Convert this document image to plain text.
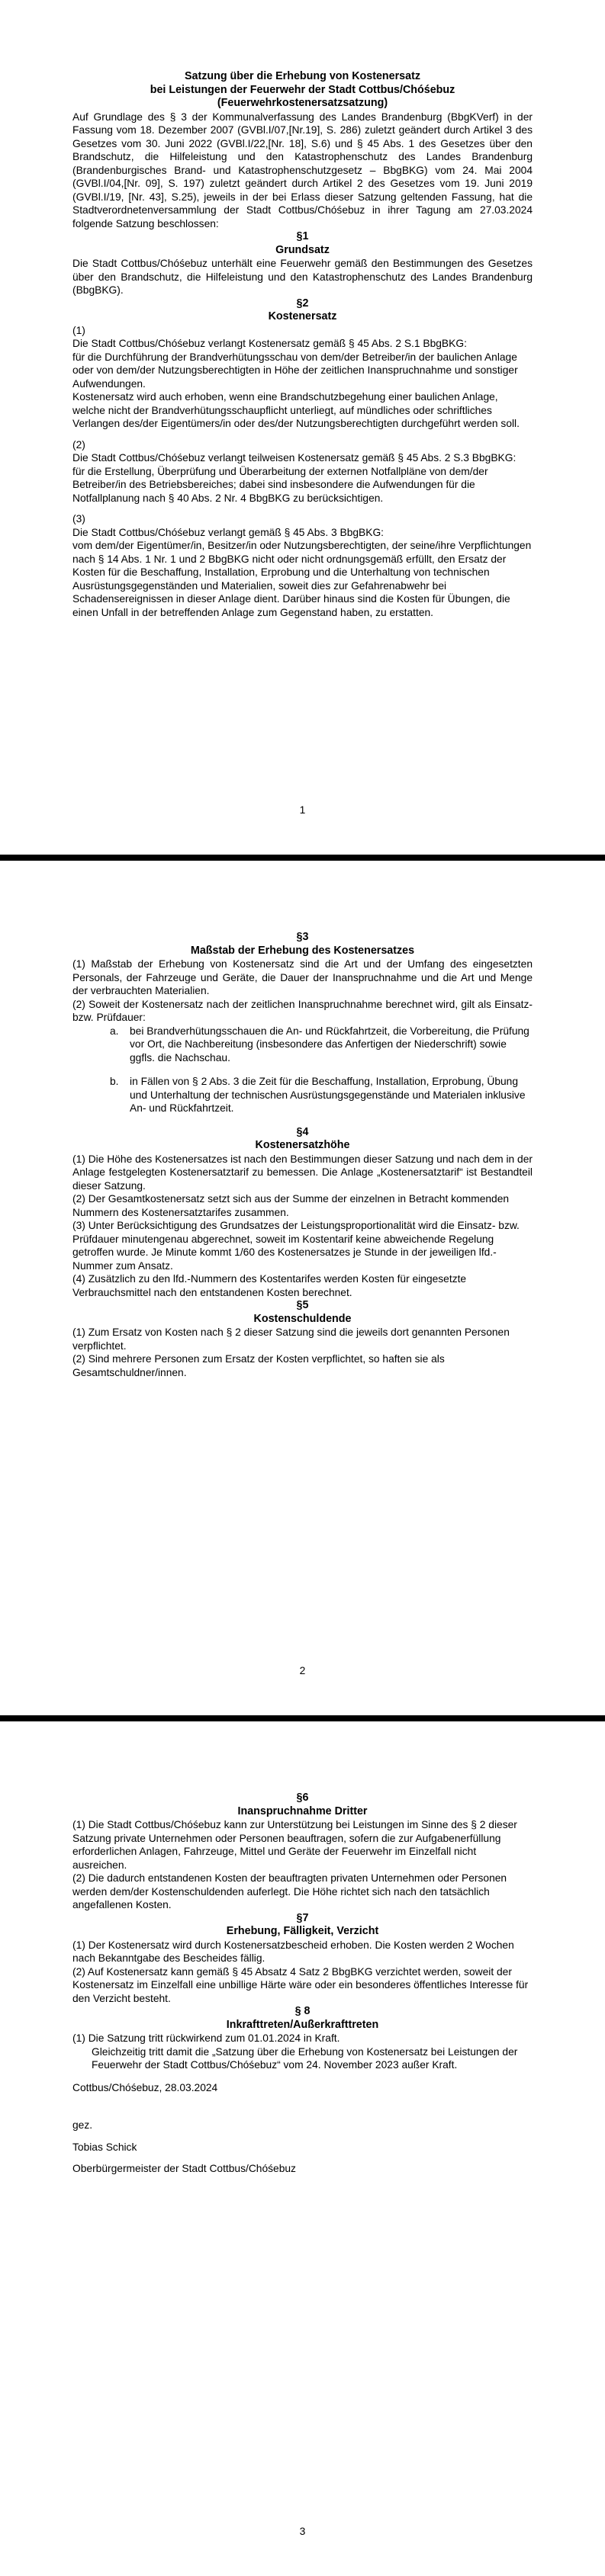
Satzung über die Erhebung von Kostenersatz

bei Leistungen der Feuerwehr der Stadt Cottbus/Chóśebuz

(Feuerwehrkostenersatzsatzung)

Auf Grundlage des § 3 der Kommunalverfassung des Landes Brandenburg (BbgKVerf) in der Fassung vom 18. Dezember 2007 (GVBl.I/07,[Nr.19], S. 286) zuletzt geändert durch Artikel 3 des Gesetzes vom 30. Juni 2022 (GVBl.I/22,[Nr. 18], S.6) und § 45 Abs. 1 des Gesetzes über den Brandschutz, die Hilfeleistung und den Katastrophenschutz des Landes Brandenburg (Brandenburgisches Brand- und Katastrophenschutzgesetz – BbgBKG) vom 24. Mai 2004 (GVBl.I/04,[Nr. 09], S. 197) zuletzt geändert durch Artikel 2 des Gesetzes vom 19. Juni 2019 (GVBl.I/19, [Nr. 43], S.25), jeweils in der bei Erlass dieser Satzung geltenden Fassung, hat die Stadtverordnetenversammlung der Stadt Cottbus/Chóśebuz in ihrer Tagung am 27.03.2024 folgende Satzung beschlossen:

§1

Grundsatz

Die Stadt Cottbus/Chóśebuz unterhält eine Feuerwehr gemäß den Bestimmungen des Gesetzes über den Brandschutz, die Hilfeleistung und den Katastrophenschutz des Landes Brandenburg (BbgBKG).

§2

Kostenersatz

(1)

Die Stadt Cottbus/Chóśebuz verlangt Kostenersatz gemäß § 45 Abs. 2 S.1 BbgBKG:

für die Durchführung der Brandverhütungsschau von dem/der Betreiber/in der baulichen Anlage oder von dem/der Nutzungsberechtigten in Höhe der zeitlichen Inanspruchnahme und sonstiger Aufwendungen.

Kostenersatz wird auch erhoben, wenn eine Brandschutzbegehung einer baulichen Anlage, welche nicht der Brandverhütungsschaupflicht unterliegt, auf mündliches oder schriftliches Verlangen des/der Eigentümers/in oder des/der Nutzungsberechtigten durchgeführt werden soll.

(2)

Die Stadt Cottbus/Chóśebuz verlangt teilweisen Kostenersatz gemäß § 45 Abs. 2 S.3 BbgBKG:

für die Erstellung, Überprüfung und Überarbeitung der externen Notfallpläne von dem/der Betreiber/in des Betriebsbereiches; dabei sind insbesondere die Aufwendungen für die Notfallplanung nach § 40 Abs. 2 Nr. 4 BbgBKG zu berücksichtigen.

(3)

Die Stadt Cottbus/Chóśebuz verlangt gemäß § 45 Abs. 3 BbgBKG:

vom dem/der Eigentümer/in, Besitzer/in oder Nutzungsberechtigten, der seine/ihre Verpflichtungen nach § 14 Abs. 1 Nr. 1 und 2 BbgBKG nicht oder nicht ordnungsgemäß erfüllt, den Ersatz der Kosten für die Beschaffung, Installation, Erprobung und die Unterhaltung von technischen Ausrüstungsgegenständen und Materialien, soweit dies zur Gefahrenabwehr bei Schadensereignissen in dieser Anlage dient. Darüber hinaus sind die Kosten für Übungen, die einen Unfall in der betreffenden Anlage zum Gegenstand haben, zu erstatten.

1

§3

Maßstab der Erhebung des Kostenersatzes

(1) Maßstab der Erhebung von Kostenersatz sind die Art und der Umfang des eingesetzten Personals, der Fahrzeuge und Geräte, die Dauer der Inanspruchnahme und die Art und Menge der verbrauchten Materialien.

(2) Soweit der Kostenersatz nach der zeitlichen Inanspruchnahme berechnet wird, gilt als Einsatz- bzw. Prüfdauer:

a.	bei Brandverhütungsschauen die An- und Rückfahrtzeit, die Vorbereitung, die Prüfung vor Ort, die Nachbereitung (insbesondere das Anfertigen der Niederschrift) sowie ggfls. die Nachschau.
b.	in Fällen von § 2 Abs. 3 die Zeit für die Beschaffung, Installation, Erprobung, Übung und Unterhaltung der technischen Ausrüstungsgegenstände und Materialen inklusive An- und Rückfahrtzeit.

§4

Kostenersatzhöhe

(1) Die Höhe des Kostenersatzes ist nach den Bestimmungen dieser Satzung und nach dem in der Anlage festgelegten Kostenersatztarif zu bemessen. Die Anlage „Kostenersatztarif“ ist Bestandteil dieser Satzung.

(2) Der Gesamtkostenersatz setzt sich aus der Summe der einzelnen in Betracht kommenden Nummern des Kostenersatztarifes zusammen.

(3) Unter Berücksichtigung des Grundsatzes der Leistungsproportionalität wird die Einsatz- bzw. Prüfdauer minutengenau abgerechnet, soweit im Kostentarif keine abweichende Regelung getroffen wurde. Je Minute kommt 1/60 des Kostenersatzes je Stunde in der jeweiligen lfd.-Nummer zum Ansatz.

(4) Zusätzlich zu den lfd.-Nummern des Kostentarifes werden Kosten für eingesetzte Verbrauchsmittel nach den entstandenen Kosten berechnet.

§5

Kostenschuldende

(1) Zum Ersatz von Kosten nach § 2 dieser Satzung sind die jeweils dort genannten Personen        verpflichtet.

(2) Sind mehrere Personen zum Ersatz der Kosten verpflichtet, so haften sie als Gesamtschuldner/innen.

2

§6

Inanspruchnahme Dritter

(1) Die Stadt Cottbus/Chóśebuz kann zur Unterstützung bei Leistungen im Sinne des § 2 dieser Satzung private Unternehmen oder Personen beauftragen, sofern die zur Aufgabenerfüllung erforderlichen Anlagen, Fahrzeuge, Mittel und Geräte der Feuerwehr im Einzelfall nicht ausreichen.

(2) Die dadurch entstandenen Kosten der beauftragten privaten Unternehmen oder Personen werden dem/der Kostenschuldenden auferlegt. Die Höhe richtet sich nach den tatsächlich angefallenen Kosten.

§7

Erhebung, Fälligkeit, Verzicht

(1) Der Kostenersatz wird durch Kostenersatzbescheid erhoben. Die Kosten werden 2 Wochen nach Bekanntgabe des Bescheides fällig.

(2) Auf Kostenersatz kann gemäß § 45 Absatz 4 Satz 2 BbgBKG verzichtet werden, soweit der Kostenersatz im Einzelfall eine unbillige Härte wäre oder ein besonderes öffentliches Interesse für den Verzicht besteht.

§ 8

Inkrafttreten/Außerkrafttreten

(1) Die Satzung tritt rückwirkend zum 01.01.2024 in Kraft.

Gleichzeitig tritt damit die „Satzung über die Erhebung von Kostenersatz bei Leistungen der Feuerwehr der Stadt Cottbus/Chóśebuz“ vom 24. November 2023 außer Kraft.

Cottbus/Chóśebuz, 28.03.2024

gez.

Tobias Schick

Oberbürgermeister der Stadt Cottbus/Chóśebuz

3
